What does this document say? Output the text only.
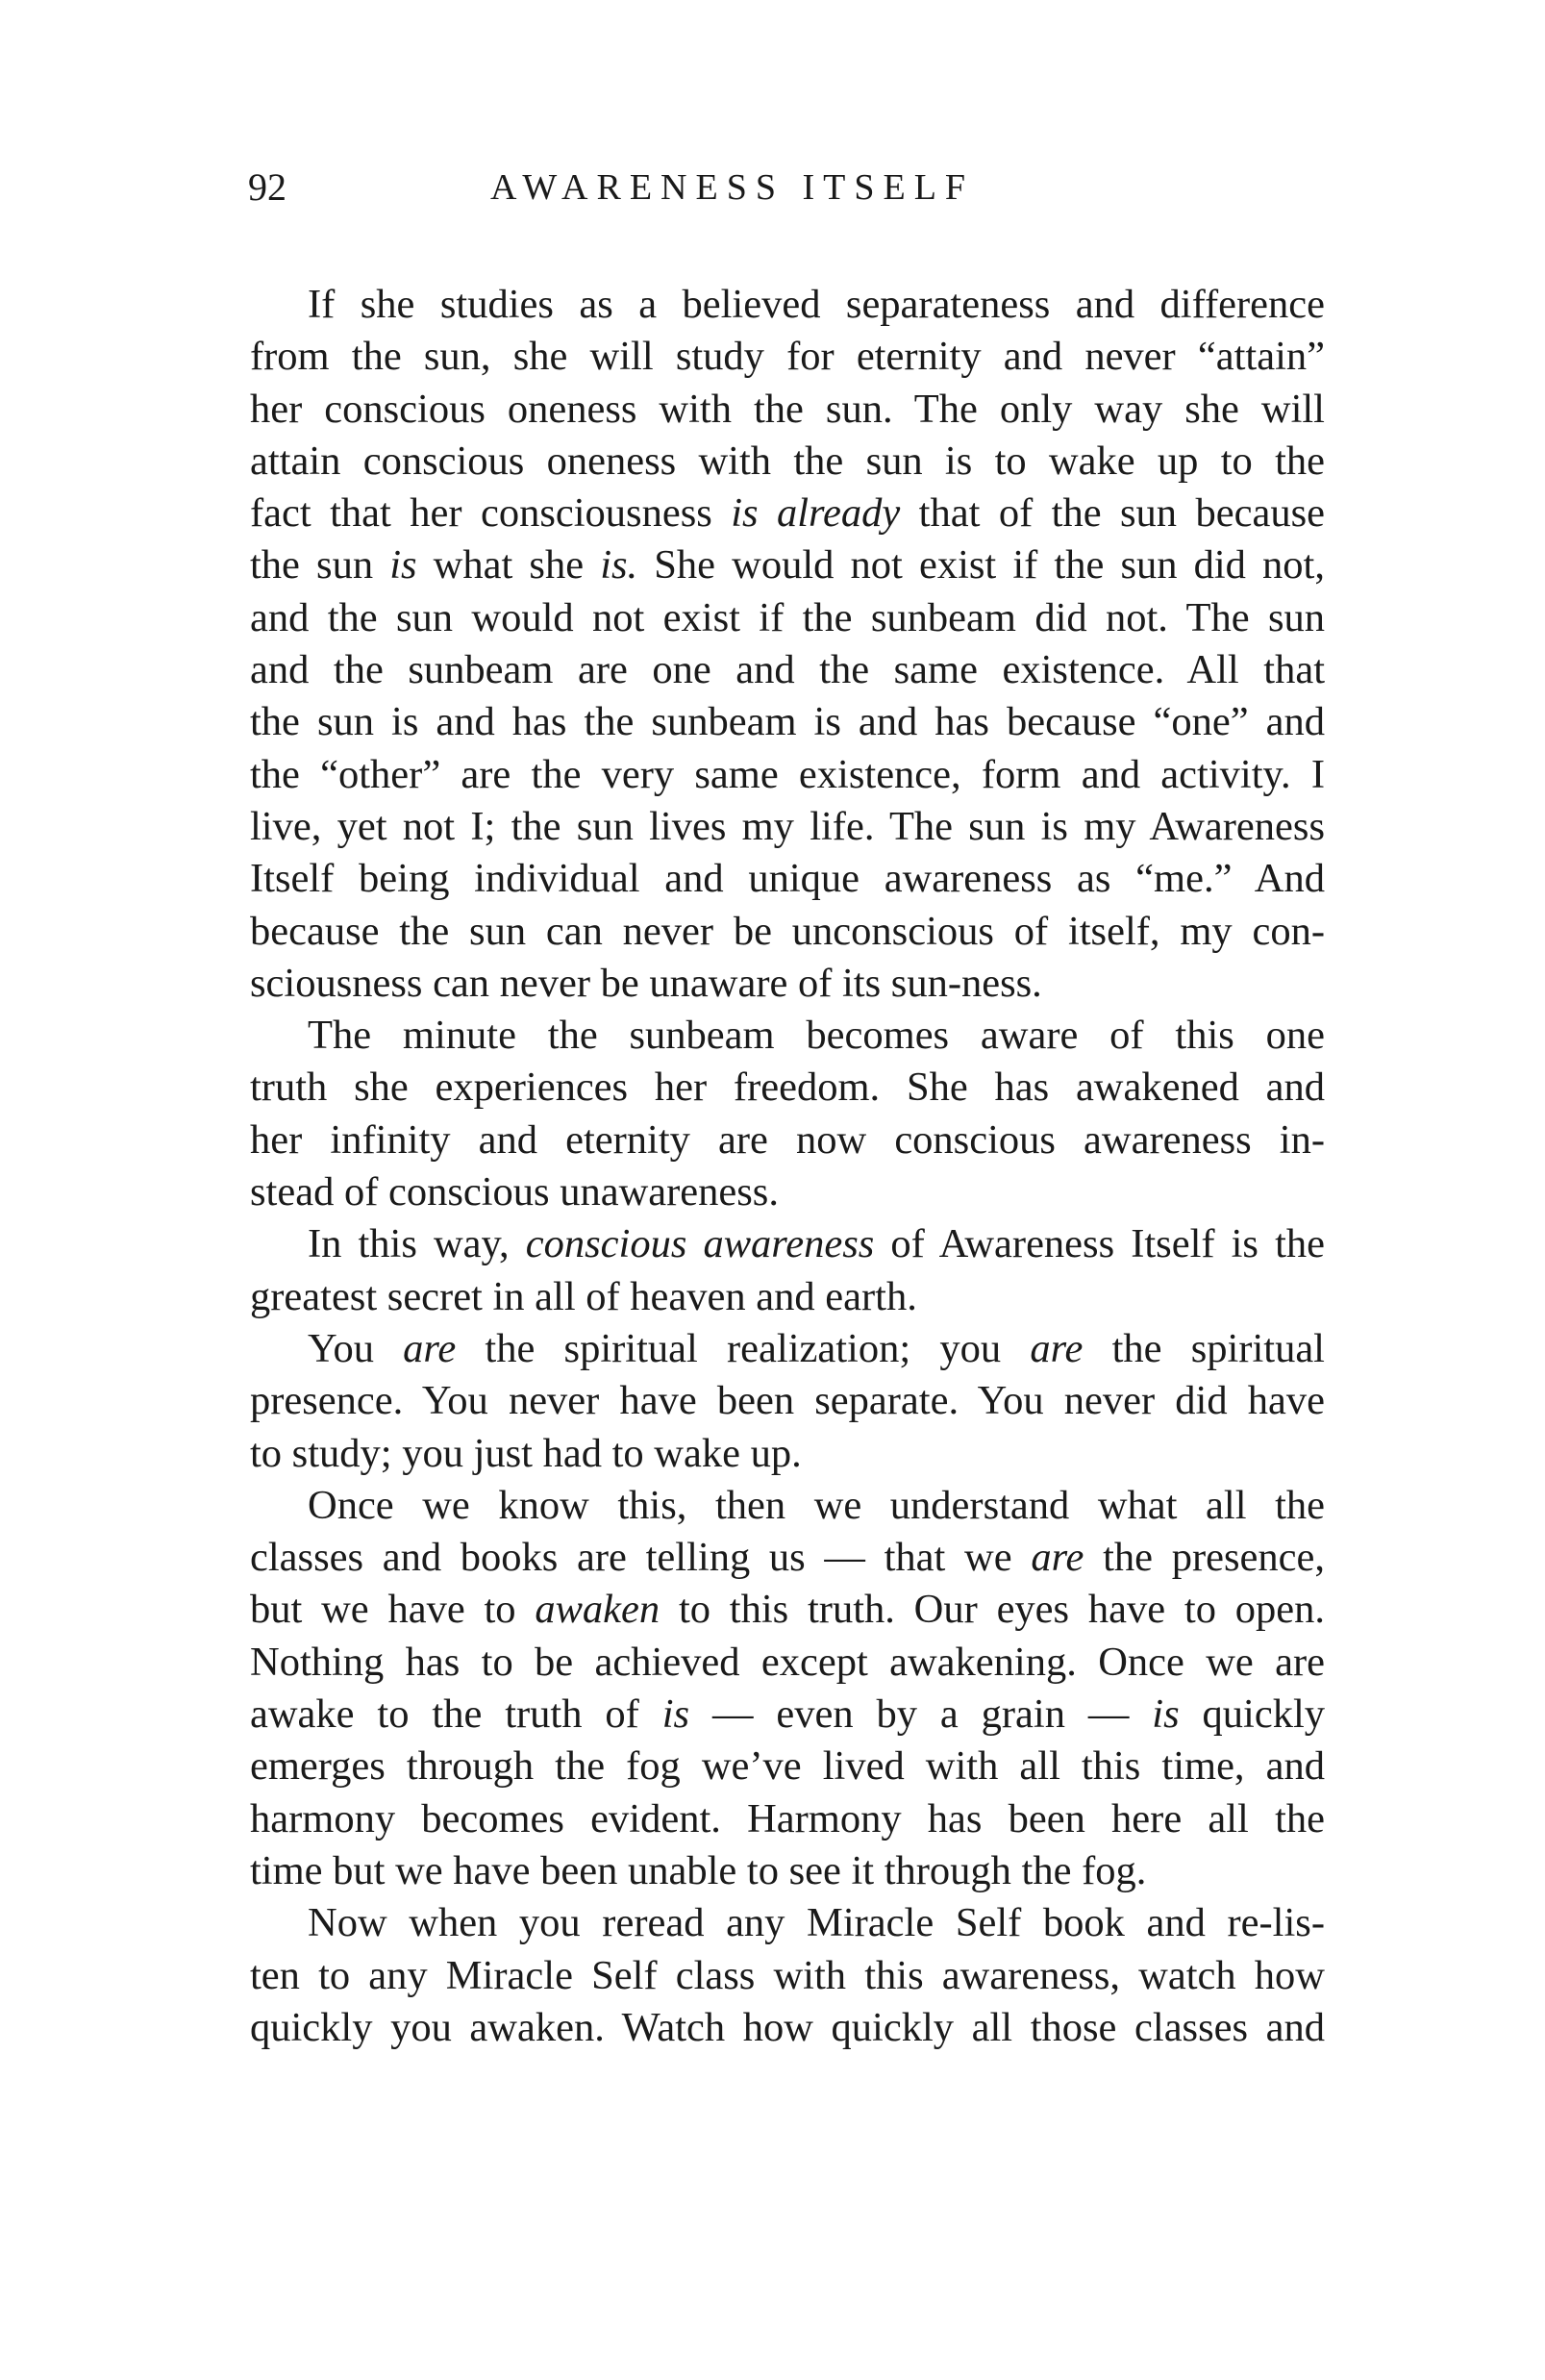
92	AWARENESS ITSELF
If she studies as a believed separateness and difference
from the sun, she will study for eternity and never “attain”
her conscious oneness with the sun. The only way she will
attain conscious oneness with the sun is to wake up to the
fact that her consciousness is already that of the sun because
the sun is what she is. She would not exist if the sun did not,
and the sun would not exist if the sunbeam did not. The sun
and the sunbeam are one and the same existence. All that
the sun is and has the sunbeam is and has because “one” and
the “other” are the very same existence, form and activity. I
live, yet not I; the sun lives my life. The sun is my Awareness
Itself being individual and unique awareness as “me.” And
because the sun can never be unconscious of itself, my con-
sciousness can never be unaware of its sun-ness.
The minute the sunbeam becomes aware of this one
truth she experiences her freedom. She has awakened and
her infinity and eternity are now conscious awareness in-
stead of conscious unawareness.
In this way, conscious awareness of Awareness Itself is the
greatest secret in all of heaven and earth.
You are the spiritual realization; you are the spiritual
presence. You never have been separate. You never did have
to study; you just had to wake up.
Once we know this, then we understand what all the
classes and books are telling us — that we are the presence,
but we have to awaken to this truth. Our eyes have to open.
Nothing has to be achieved except awakening. Once we are
awake to the truth of is — even by a grain — is quickly
emerges through the fog we’ve lived with all this time, and
harmony becomes evident. Harmony has been here all the
time but we have been unable to see it through the fog.
Now when you reread any Miracle Self book and re-lis-
ten to any Miracle Self class with this awareness, watch how
quickly you awaken. Watch how quickly all those classes and
